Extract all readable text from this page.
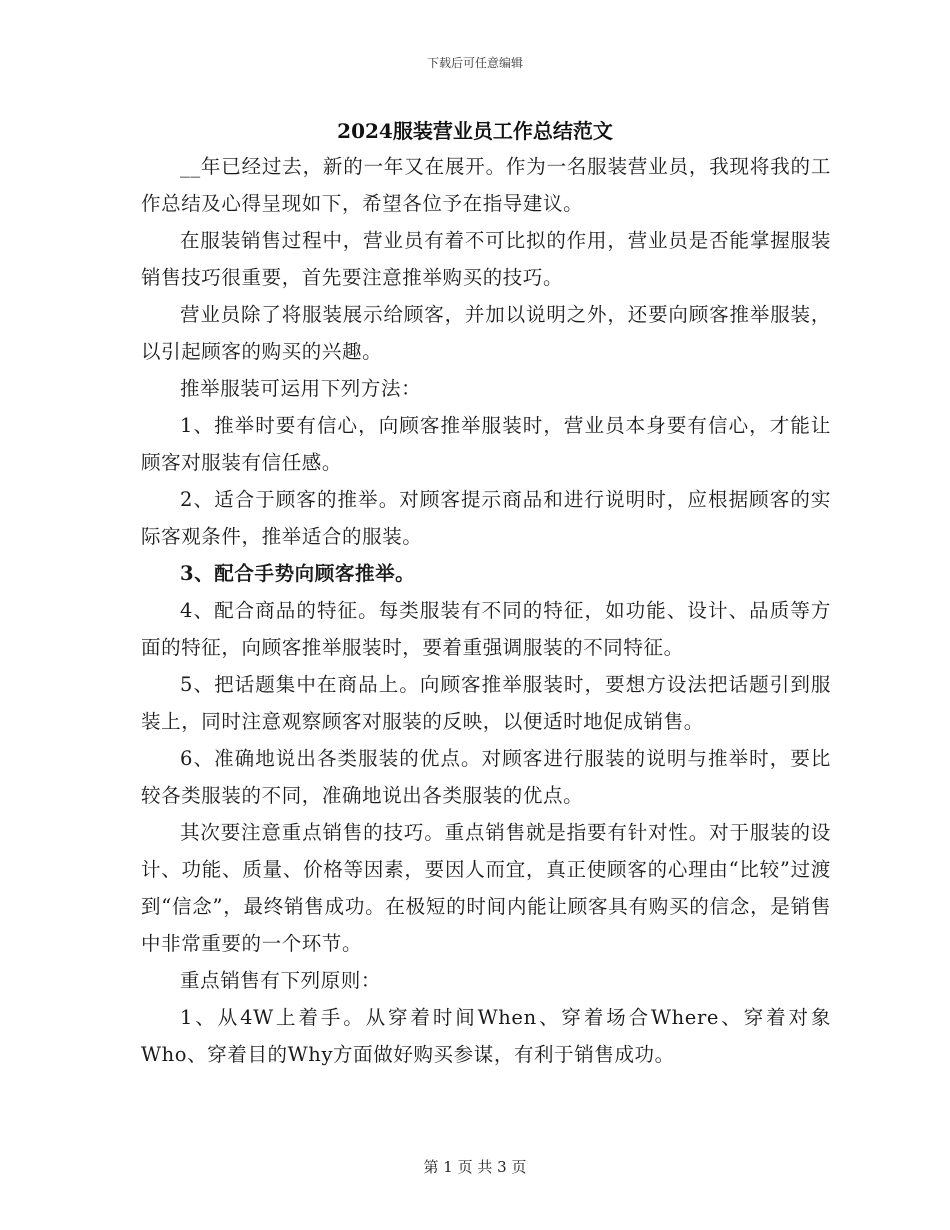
下载后可任意编辑
2024服装营业员工作总结范文

__年已经过去，新的一年又在展开。作为一名服装营业员，我现将我的工作总结及心得呈现如下，希望各位予在指导建议。

在服装销售过程中，营业员有着不可比拟的作用，营业员是否能掌握服装销售技巧很重要，首先要注意推举购买的技巧。

营业员除了将服装展示给顾客，并加以说明之外，还要向顾客推举服装，以引起顾客的购买的兴趣。

推举服装可运用下列方法：

1、推举时要有信心，向顾客推举服装时，营业员本身要有信心，才能让顾客对服装有信任感。

2、适合于顾客的推举。对顾客提示商品和进行说明时，应根据顾客的实际客观条件，推举适合的服装。

3、配合手势向顾客推举。

4、配合商品的特征。每类服装有不同的特征，如功能、设计、品质等方面的特征，向顾客推举服装时，要着重强调服装的不同特征。

5、把话题集中在商品上。向顾客推举服装时，要想方设法把话题引到服装上，同时注意观察顾客对服装的反映，以便适时地促成销售。

6、准确地说出各类服装的优点。对顾客进行服装的说明与推举时，要比较各类服装的不同，准确地说出各类服装的优点。

其次要注意重点销售的技巧。重点销售就是指要有针对性。对于服装的设计、功能、质量、价格等因素，要因人而宜，真正使顾客的心理由“比较”过渡到“信念”，最终销售成功。在极短的时间内能让顾客具有购买的信念，是销售中非常重要的一个环节。

重点销售有下列原则：

1、从4W上着手。从穿着时间When、穿着场合Where、穿着对象Who、穿着目的Why方面做好购买参谋，有利于销售成功。

第 1 页 共 3 页
